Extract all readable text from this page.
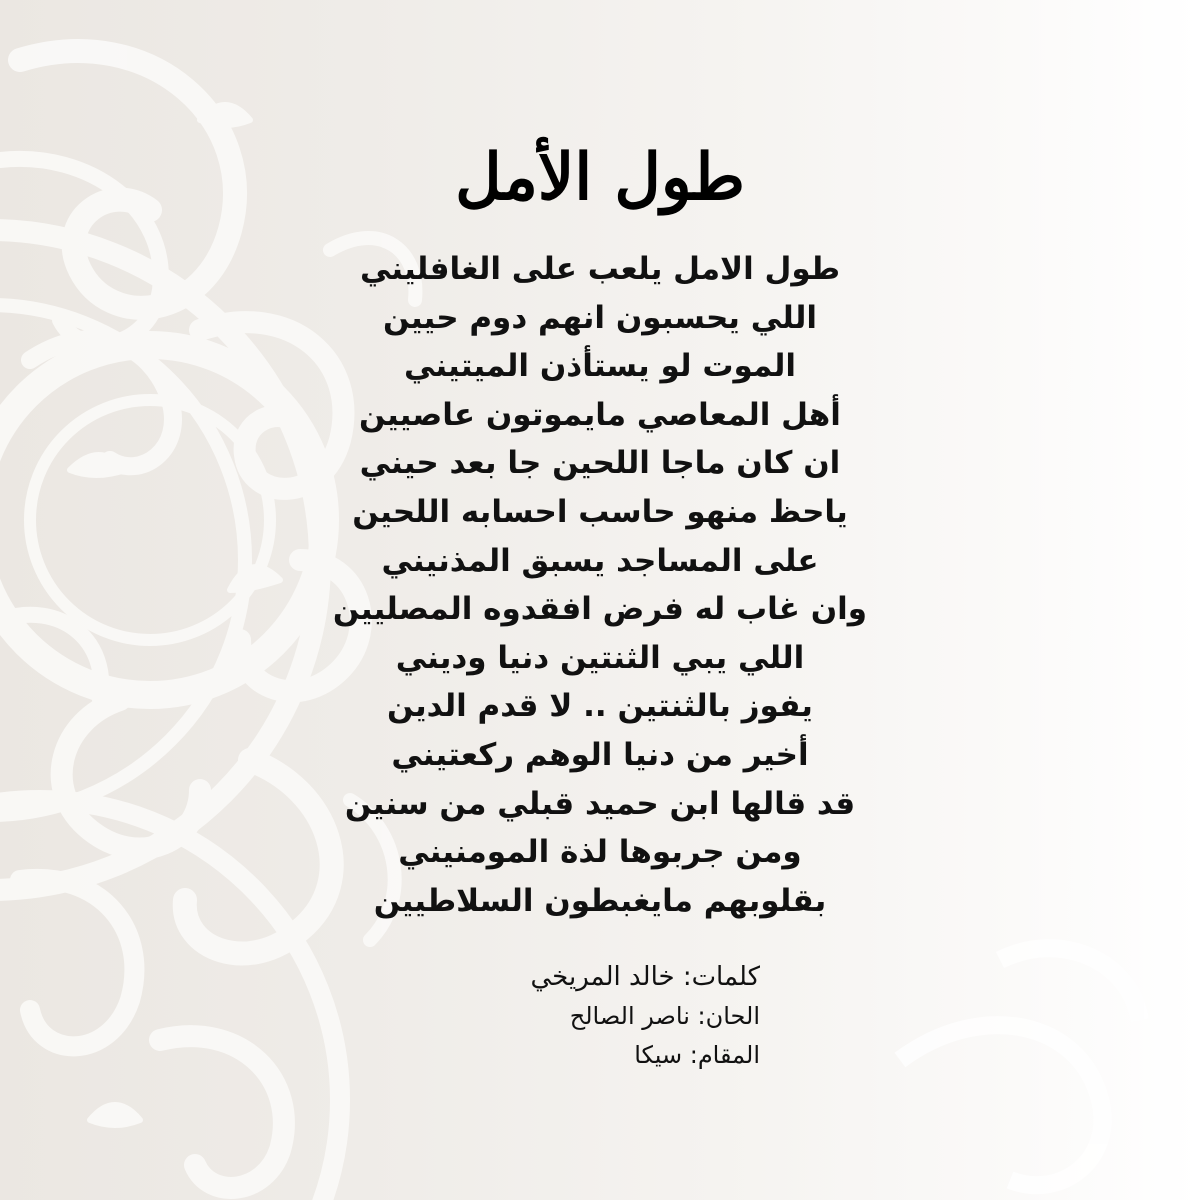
طول الأمل
طول الامل يلعب على الغافليني
اللي يحسبون انهم دوم حيين
الموت لو يستأذن الميتيني
أهل المعاصي مايموتون عاصيين
ان كان ماجا اللحين جا بعد حيني
ياحظ منهو حاسب احسابه اللحين
على المساجد يسبق المذنيني
وان غاب له فرض افقدوه المصليين
اللي يبي الثنتين دنيا وديني
يفوز بالثنتين .. لا قدم الدين
أخير من دنيا الوهم ركعتيني
قد قالها ابن حميد قبلي من سنين
ومن جربوها لذة المومنيني
بقلوبهم مايغبطون السلاطيين
كلمات: خالد المريخي
الحان: ناصر الصالح
المقام: سيكا
